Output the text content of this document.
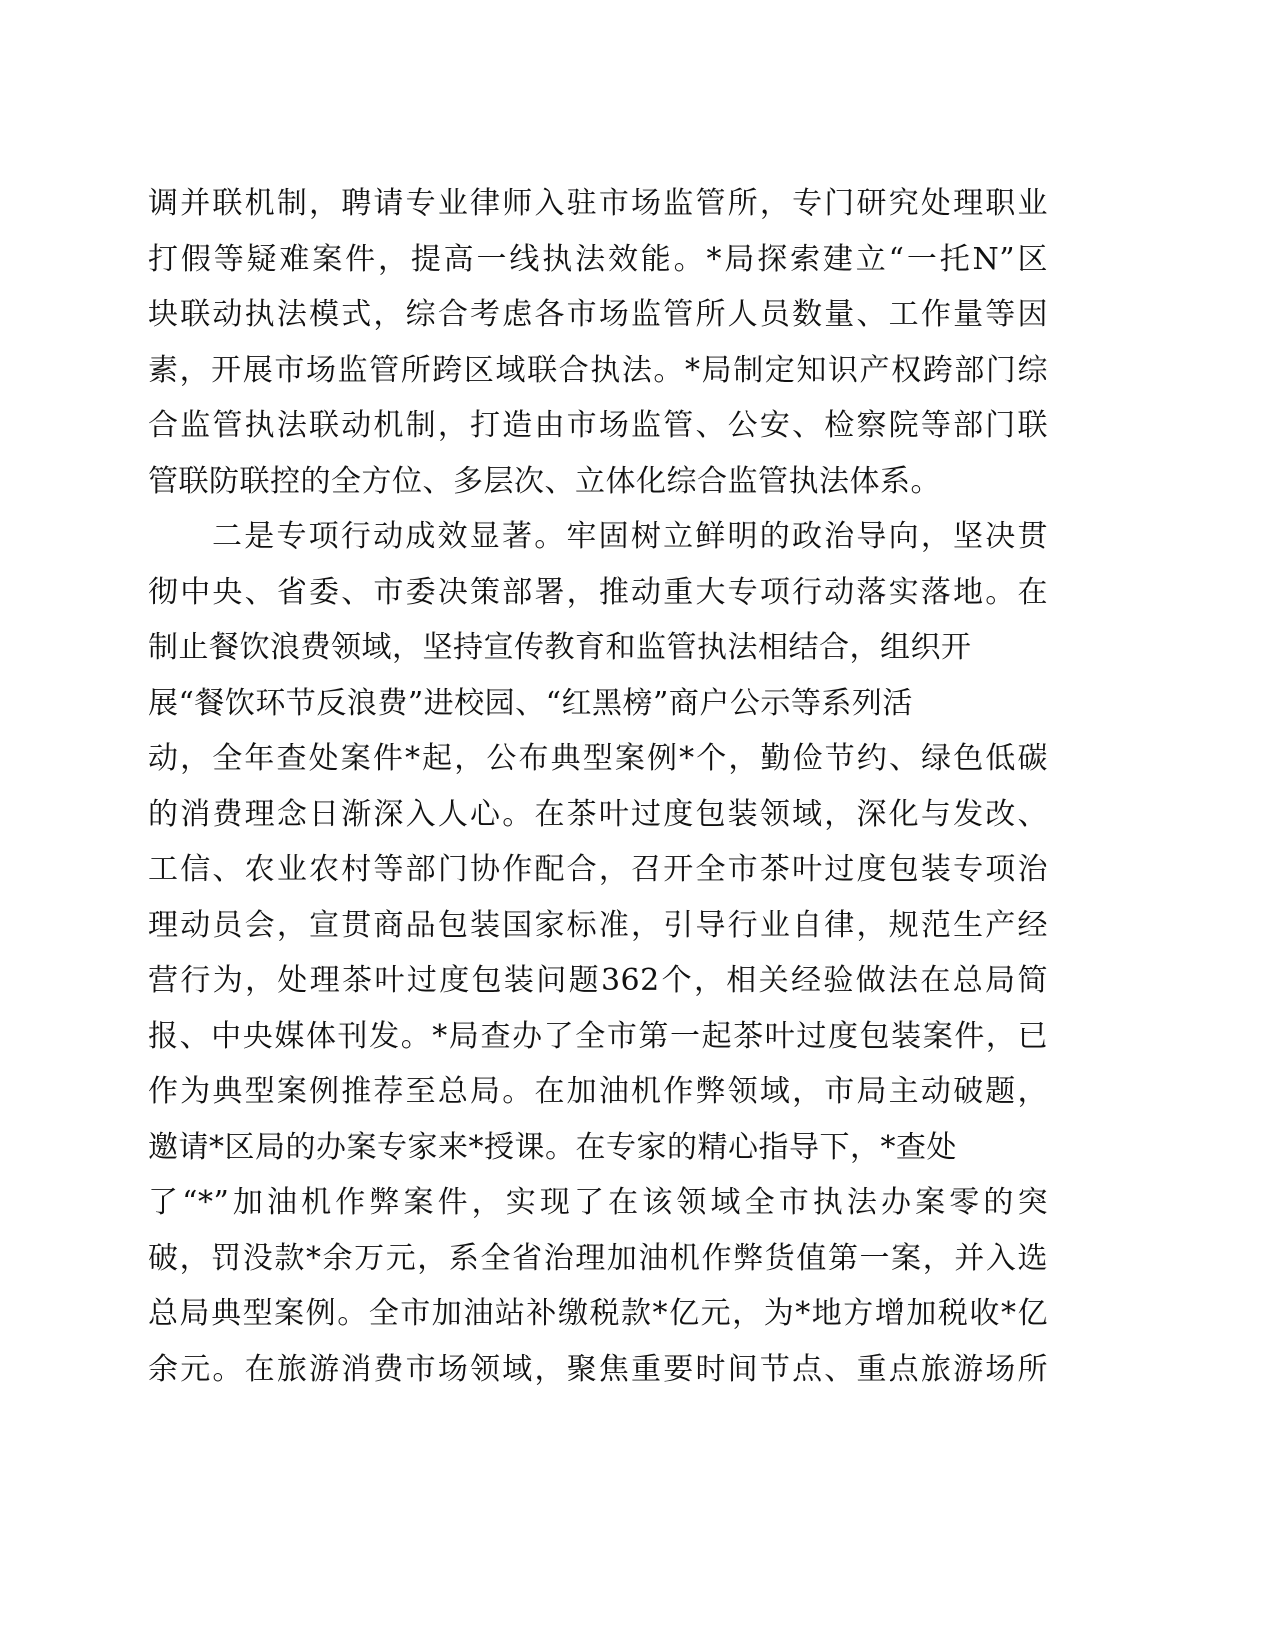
调并联机制，聘请专业律师入驻市场监管所，专门研究处理职业
打假等疑难案件，提高一线执法效能。*局探索建立“一托N”区
块联动执法模式，综合考虑各市场监管所人员数量、工作量等因
素，开展市场监管所跨区域联合执法。*局制定知识产权跨部门综
合监管执法联动机制，打造由市场监管、公安、检察院等部门联
管联防联控的全方位、多层次、立体化综合监管执法体系。
二是专项行动成效显著。牢固树立鲜明的政治导向，坚决贯
彻中央、省委、市委决策部署，推动重大专项行动落实落地。在
制止餐饮浪费领域，坚持宣传教育和监管执法相结合，组织开
展“餐饮环节反浪费”进校园、“红黑榜”商户公示等系列活
动，全年查处案件*起，公布典型案例*个，勤俭节约、绿色低碳
的消费理念日渐深入人心。在茶叶过度包装领域，深化与发改、
工信、农业农村等部门协作配合，召开全市茶叶过度包装专项治
理动员会，宣贯商品包装国家标准，引导行业自律，规范生产经
营行为，处理茶叶过度包装问题362个，相关经验做法在总局简
报、中央媒体刊发。*局查办了全市第一起茶叶过度包装案件，已
作为典型案例推荐至总局。在加油机作弊领域，市局主动破题，
邀请*区局的办案专家来*授课。在专家的精心指导下，*查处
了“*”加油机作弊案件，实现了在该领域全市执法办案零的突
破，罚没款*余万元，系全省治理加油机作弊货值第一案，并入选
总局典型案例。全市加油站补缴税款*亿元，为*地方增加税收*亿
余元。在旅游消费市场领域，聚焦重要时间节点、重点旅游场所
